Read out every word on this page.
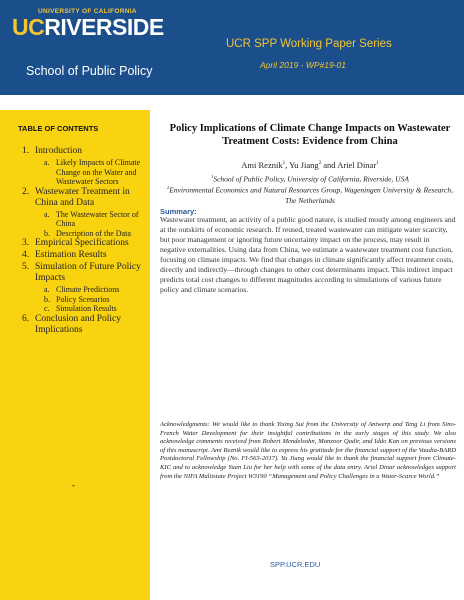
UNIVERSITY OF CALIFORNIA
UCRIVERSIDE
School of Public Policy
UCR SPP Working Paper Series
April 2019 - WP#19-01
TABLE OF CONTENTS
1. Introduction
a. Likely Impacts of Climate Change on the Water and Wastewater Sectors
2. Wastewater Treatment in China and Data
a. The Wastewater Sector of China
b. Description of the Data
3. Empirical Specifications
4. Estimation Results
5. Simulation of Future Policy Impacts
a. Climate Predictions
b. Policy Scenarios
c. Simulation Results
6. Conclusion and Policy Implications
-
Policy Implications of Climate Change Impacts on Wastewater Treatment Costs: Evidence from China
Ami Reznik$^1$, Yu Jiang$^2$ and Ariel Dinar$^1$
$^1$School of Public Policy, University of California, Riverside, USA
$^2$Environmental Economics and Natural Resources Group, Wageningen University & Research, The Netherlands
Summary:
Wastewater treatment, an activity of a public good nature, is studied mostly among engineers and at the outskirts of economic research. If reused, treated wastewater can mitigate water scarcity, but poor management or ignoring future uncertainty impact on the process, may result in negative externalities. Using data from China, we estimate a wastewater treatment cost function, focusing on climate impacts. We find that changes in climate significantly affect treatment costs, directly and indirectly—through changes to other cost determinants impact. This indirect impact predicts total cost changes to different magnitudes according to simulations of various future policy and climate scenarios.
Acknowledgments: We would like to thank Yixing Sui from the University of Antwerp and Teng Li from Sino-French Water Development for their insightful contributions in the early stages of this study. We also acknowledge comments received from Robert Mendelsohn, Manzoor Qadir, and Iddo Kan on previous versions of this manuscript. Ami Reznik would like to express his gratitude for the financial support of the Vaadia-BARD Postdoctoral Fellowship (No. FI-563-2017). Yu Jiang would like to thank the financial support from Climate-KIC and to acknowledge Yuan Liu for her help with some of the data entry. Ariel Dinar acknowledges support from the NIFA Multistate Project W3190 “Management and Policy Challenges in a Water-Scarce World.”
SPP.UCR.EDU
